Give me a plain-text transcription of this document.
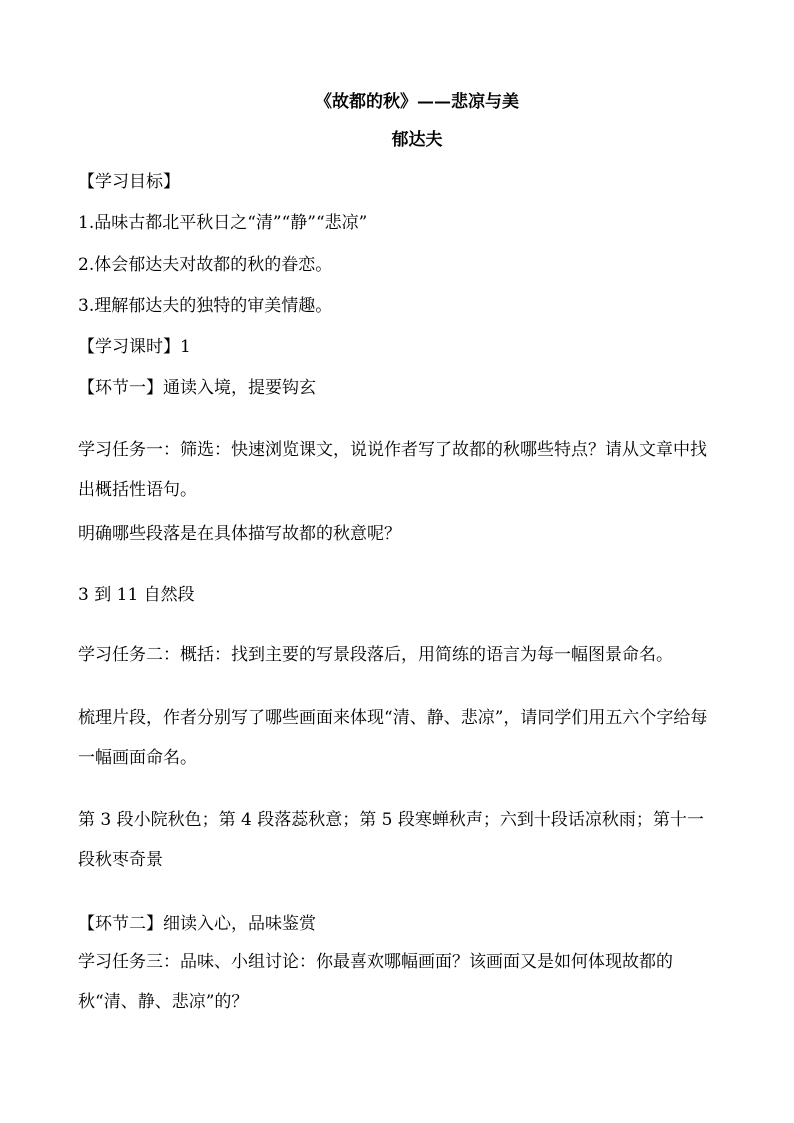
《故都的秋》——悲凉与美
郁达夫
【学习目标】
1.品味古都北平秋日之“清”“静”“悲凉”
2.体会郁达夫对故都的秋的眷恋。
3.理解郁达夫的独特的审美情趣。
【学习课时】1
【环节一】通读入境，提要钩玄
学习任务一：筛选：快速浏览课文，说说作者写了故都的秋哪些特点？请从文章中找出概括性语句。
明确哪些段落是在具体描写故都的秋意呢？
3 到 11 自然段
学习任务二：概括：找到主要的写景段落后，用简练的语言为每一幅图景命名。
梳理片段，作者分别写了哪些画面来体现“清、静、悲凉”，请同学们用五六个字给每一幅画面命名。
第 3 段小院秋色；第 4 段落蕊秋意；第 5 段寒蝉秋声；六到十段话凉秋雨；第十一段秋枣奇景
【环节二】细读入心，品味鉴赏
学习任务三：品味、小组讨论：你最喜欢哪幅画面？该画面又是如何体现故都的秋“清、静、悲凉”的？
